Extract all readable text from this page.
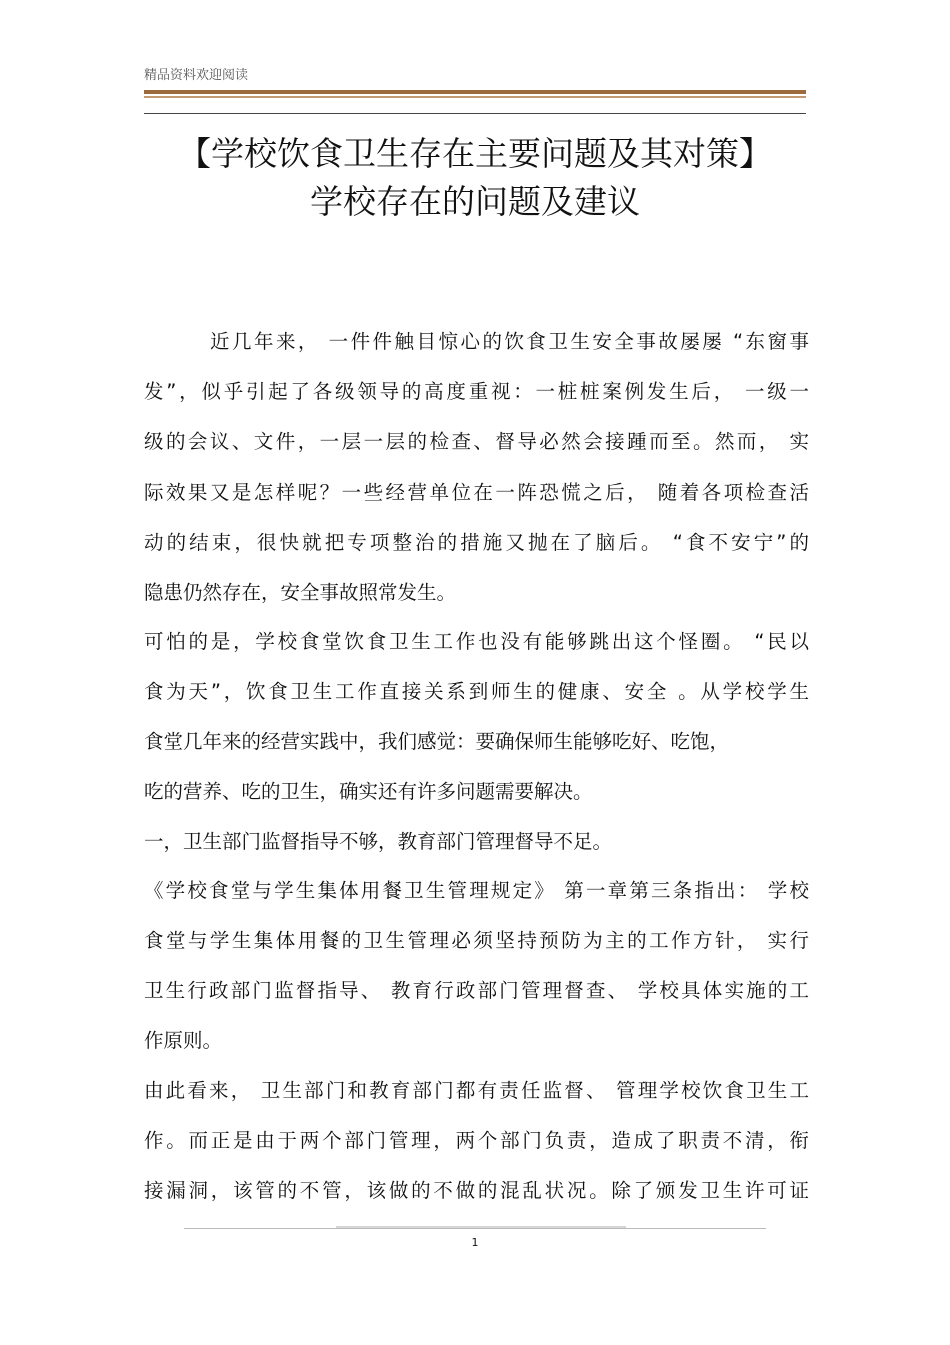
精品资料欢迎阅读
【学校饮食卫生存在主要问题及其对策】
学校存在的问题及建议
近几年来， 一件件触目惊心的饮食卫生安全事故屡屡 “东窗事
发”，似乎引起了各级领导的高度重视：一桩桩案例发生后， 一级一
级的会议、文件，一层一层的检查、督导必然会接踵而至。然而， 实
际效果又是怎样呢？一些经营单位在一阵恐慌之后， 随着各项检查活
动的结束，很快就把专项整治的措施又抛在了脑后。 “食不安宁”的
隐患仍然存在，安全事故照常发生。
可怕的是，学校食堂饮食卫生工作也没有能够跳出这个怪圈。 “民以
食为天”，饮食卫生工作直接关系到师生的健康、安全 。从学校学生
食堂几年来的经营实践中，我们感觉：要确保师生能够吃好、吃饱，
吃的营养、吃的卫生，确实还有许多问题需要解决。
一，卫生部门监督指导不够，教育部门管理督导不足。
《学校食堂与学生集体用餐卫生管理规定》 第一章第三条指出： 学校
食堂与学生集体用餐的卫生管理必须坚持预防为主的工作方针， 实行
卫生行政部门监督指导、 教育行政部门管理督查、 学校具体实施的工
作原则。
由此看来， 卫生部门和教育部门都有责任监督、 管理学校饮食卫生工
作。而正是由于两个部门管理，两个部门负责，造成了职责不清，衔
接漏洞，该管的不管，该做的不做的混乱状况。除了颁发卫生许可证
1
